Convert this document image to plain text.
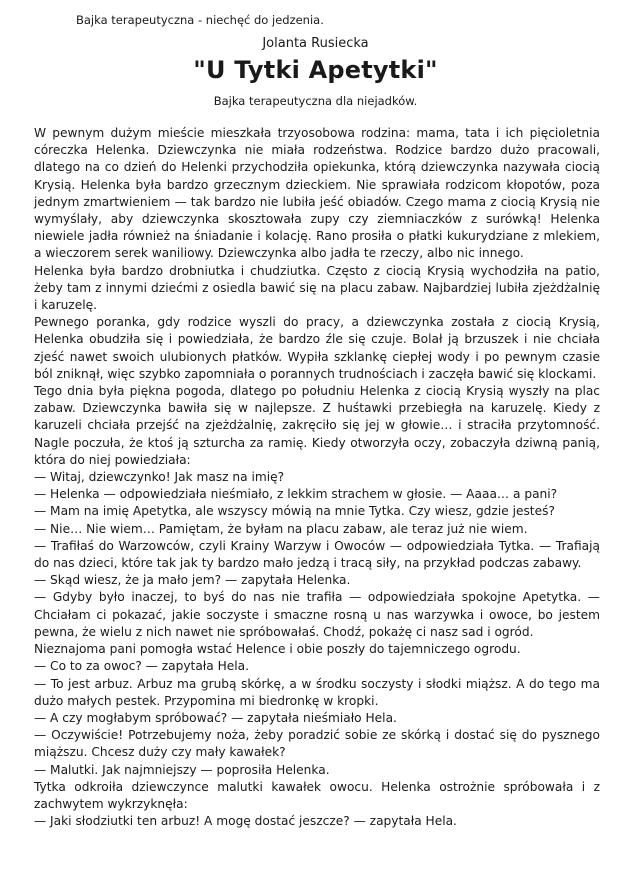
Bajka terapeutyczna - niechęć do jedzenia.
Jolanta Rusiecka
"U Tytki Apetytki"
Bajka terapeutyczna dla niejadków.

W pewnym dużym mieście mieszkała trzyosobowa rodzina: mama, tata i ich pięcioletnia córeczka Helenka. Dziewczynka nie miała rodzeństwa. Rodzice bardzo dużo pracowali, dlatego na co dzień do Helenki przychodziła opiekunka, którą dziewczynka nazywała ciocią Krysią. Helenka była bardzo grzecznym dzieckiem. Nie sprawiała rodzicom kłopotów, poza jednym zmartwieniem — tak bardzo nie lubiła jeść obiadów. Czego mama z ciocią Krysią nie wymyślały, aby dziewczynka skosztowała zupy czy ziemniaczków z surówką! Helenka niewiele jadła również na śniadanie i kolację. Rano prosiła o płatki kukurydziane z mlekiem, a wieczorem serek waniliowy. Dziewczynka albo jadła te rzeczy, albo nic innego.

Helenka była bardzo drobniutka i chudziutka. Często z ciocią Krysią wychodziła na patio, żeby tam z innymi dziećmi z osiedla bawić się na placu zabaw. Najbardziej lubiła zjeżdżalnię i karuzelę.

Pewnego poranka, gdy rodzice wyszli do pracy, a dziewczynka została z ciocią Krysią, Helenka obudziła się i powiedziała, że bardzo źle się czuje. Bolał ją brzuszek i nie chciała zjeść nawet swoich ulubionych płatków. Wypiła szklankę ciepłej wody i po pewnym czasie ból zniknął, więc szybko zapomniała o porannych trudnościach i zaczęła bawić się klockami.

Tego dnia była piękna pogoda, dlatego po południu Helenka z ciocią Krysią wyszły na plac zabaw. Dziewczynka bawiła się w najlepsze. Z huśtawki przebiegła na karuzelę. Kiedy z karuzeli chciała przejść na zjeżdżalnię, zakręciło się jej w głowie… i straciła przytomność. Nagle poczuła, że ktoś ją szturcha za ramię. Kiedy otworzyła oczy, zobaczyła dziwną panią, która do niej powiedziała:

— Witaj, dziewczynko! Jak masz na imię?

— Helenka — odpowiedziała nieśmiało, z lekkim strachem w głosie. — Aaaa… a pani?

— Mam na imię Apetytka, ale wszyscy mówią na mnie Tytka. Czy wiesz, gdzie jesteś?

— Nie… Nie wiem… Pamiętam, że byłam na placu zabaw, ale teraz już nie wiem.

— Trafiłaś do Warzowców, czyli Krainy Warzyw i Owoców — odpowiedziała Tytka. — Trafiają do nas dzieci, które tak jak ty bardzo mało jedzą i tracą siły, na przykład podczas zabawy.

— Skąd wiesz, że ja mało jem? — zapytała Helenka.

— Gdyby było inaczej, to byś do nas nie trafiła — odpowiedziała spokojne Apetytka. — Chciałam ci pokazać, jakie soczyste i smaczne rosną u nas warzywka i owoce, bo jestem pewna, że wielu z nich nawet nie spróbowałaś. Chodź, pokażę ci nasz sad i ogród.

Nieznajoma pani pomogła wstać Helence i obie poszły do tajemniczego ogrodu.

— Co to za owoc? — zapytała Hela.

— To jest arbuz. Arbuz ma grubą skórkę, a w środku soczysty i słodki miąższ. A do tego ma dużo małych pestek. Przypomina mi biedronkę w kropki.

— A czy mogłabym spróbować? — zapytała nieśmiało Hela.

— Oczywiście! Potrzebujemy noża, żeby poradzić sobie ze skórką i dostać się do pysznego miąższu. Chcesz duży czy mały kawałek?

— Malutki. Jak najmniejszy — poprosiła Helenka.

Tytka odkroiła dziewczynce malutki kawałek owocu. Helenka ostrożnie spróbowała i z zachwytem wykrzyknęła:

— Jaki słodziutki ten arbuz! A mogę dostać jeszcze? — zapytała Hela.
